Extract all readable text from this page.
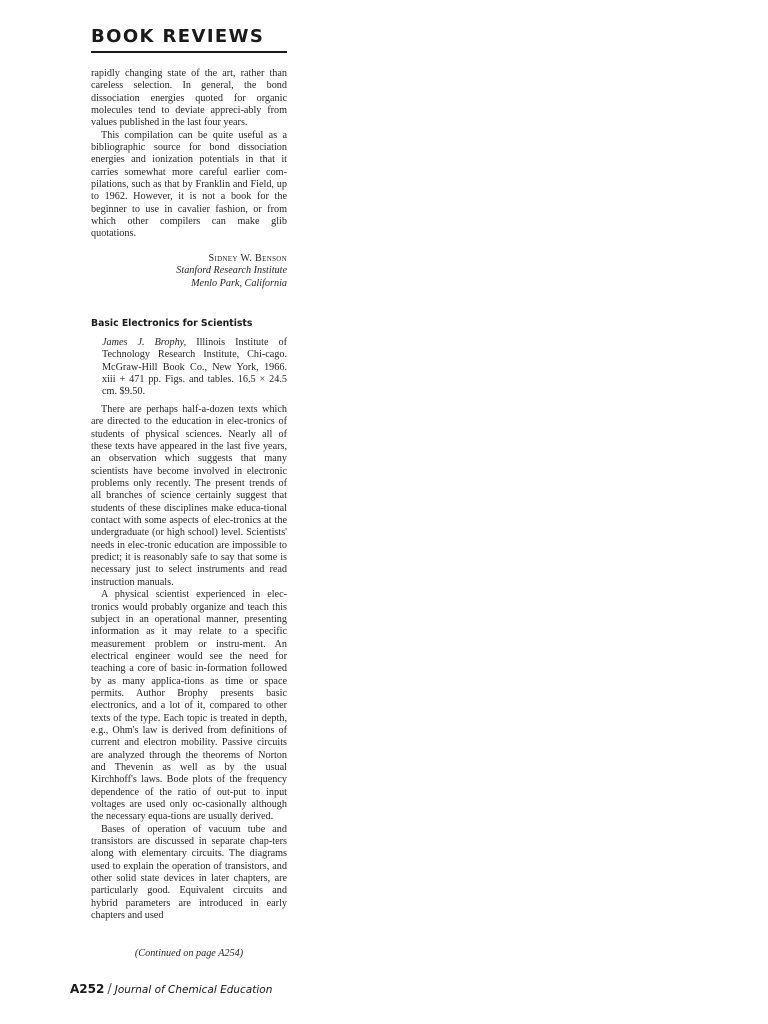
BOOK REVIEWS

rapidly changing state of the art, rather than careless selection. In general, the bond dissociation energies quoted for organic molecules tend to deviate appreci-ably from values published in the last four years.

This compilation can be quite useful as a bibliographic source for bond dissociation energies and ionization potentials in that it carries somewhat more careful earlier com-pilations, such as that by Franklin and Field, up to 1962. However, it is not a book for the beginner to use in cavalier fashion, or from which other compilers can make glib quotations.

Sidney W. Benson
Stanford Research Institute
Menlo Park, California
Basic Electronics for Scientists
James J. Brophy, Illinois Institute of Technology Research Institute, Chi-cago. McGraw-Hill Book Co., New York, 1966. xiii + 471 pp. Figs. and tables. 16.5 × 24.5 cm. $9.50.

There are perhaps half-a-dozen texts which are directed to the education in elec-tronics of students of physical sciences. Nearly all of these texts have appeared in the last five years, an observation which suggests that many scientists have become involved in electronic problems only recently. The present trends of all branches of science certainly suggest that students of these disciplines make educa-tional contact with some aspects of elec-tronics at the undergraduate (or high school) level. Scientists' needs in elec-tronic education are impossible to predict; it is reasonably safe to say that some is necessary just to select instruments and read instruction manuals.

A physical scientist experienced in elec-tronics would probably organize and teach this subject in an operational manner, presenting information as it may relate to a specific measurement problem or instru-ment. An electrical engineer would see the need for teaching a core of basic in-formation followed by as many applica-tions as time or space permits. Author Brophy presents basic electronics, and a lot of it, compared to other texts of the type. Each topic is treated in depth, e.g., Ohm's law is derived from definitions of current and electron mobility. Passive circuits are analyzed through the theorems of Norton and Thevenin as well as by the usual Kirchhoff's laws. Bode plots of the frequency dependence of the ratio of out-put to input voltages are used only oc-casionally although the necessary equa-tions are usually derived.

Bases of operation of vacuum tube and transistors are discussed in separate chap-ters along with elementary circuits. The diagrams used to explain the operation of transistors, and other solid state devices in later chapters, are particularly good. Equivalent circuits and hybrid parameters are introduced in early chapters and used

(Continued on page A254)
A252 / Journal of Chemical Education
